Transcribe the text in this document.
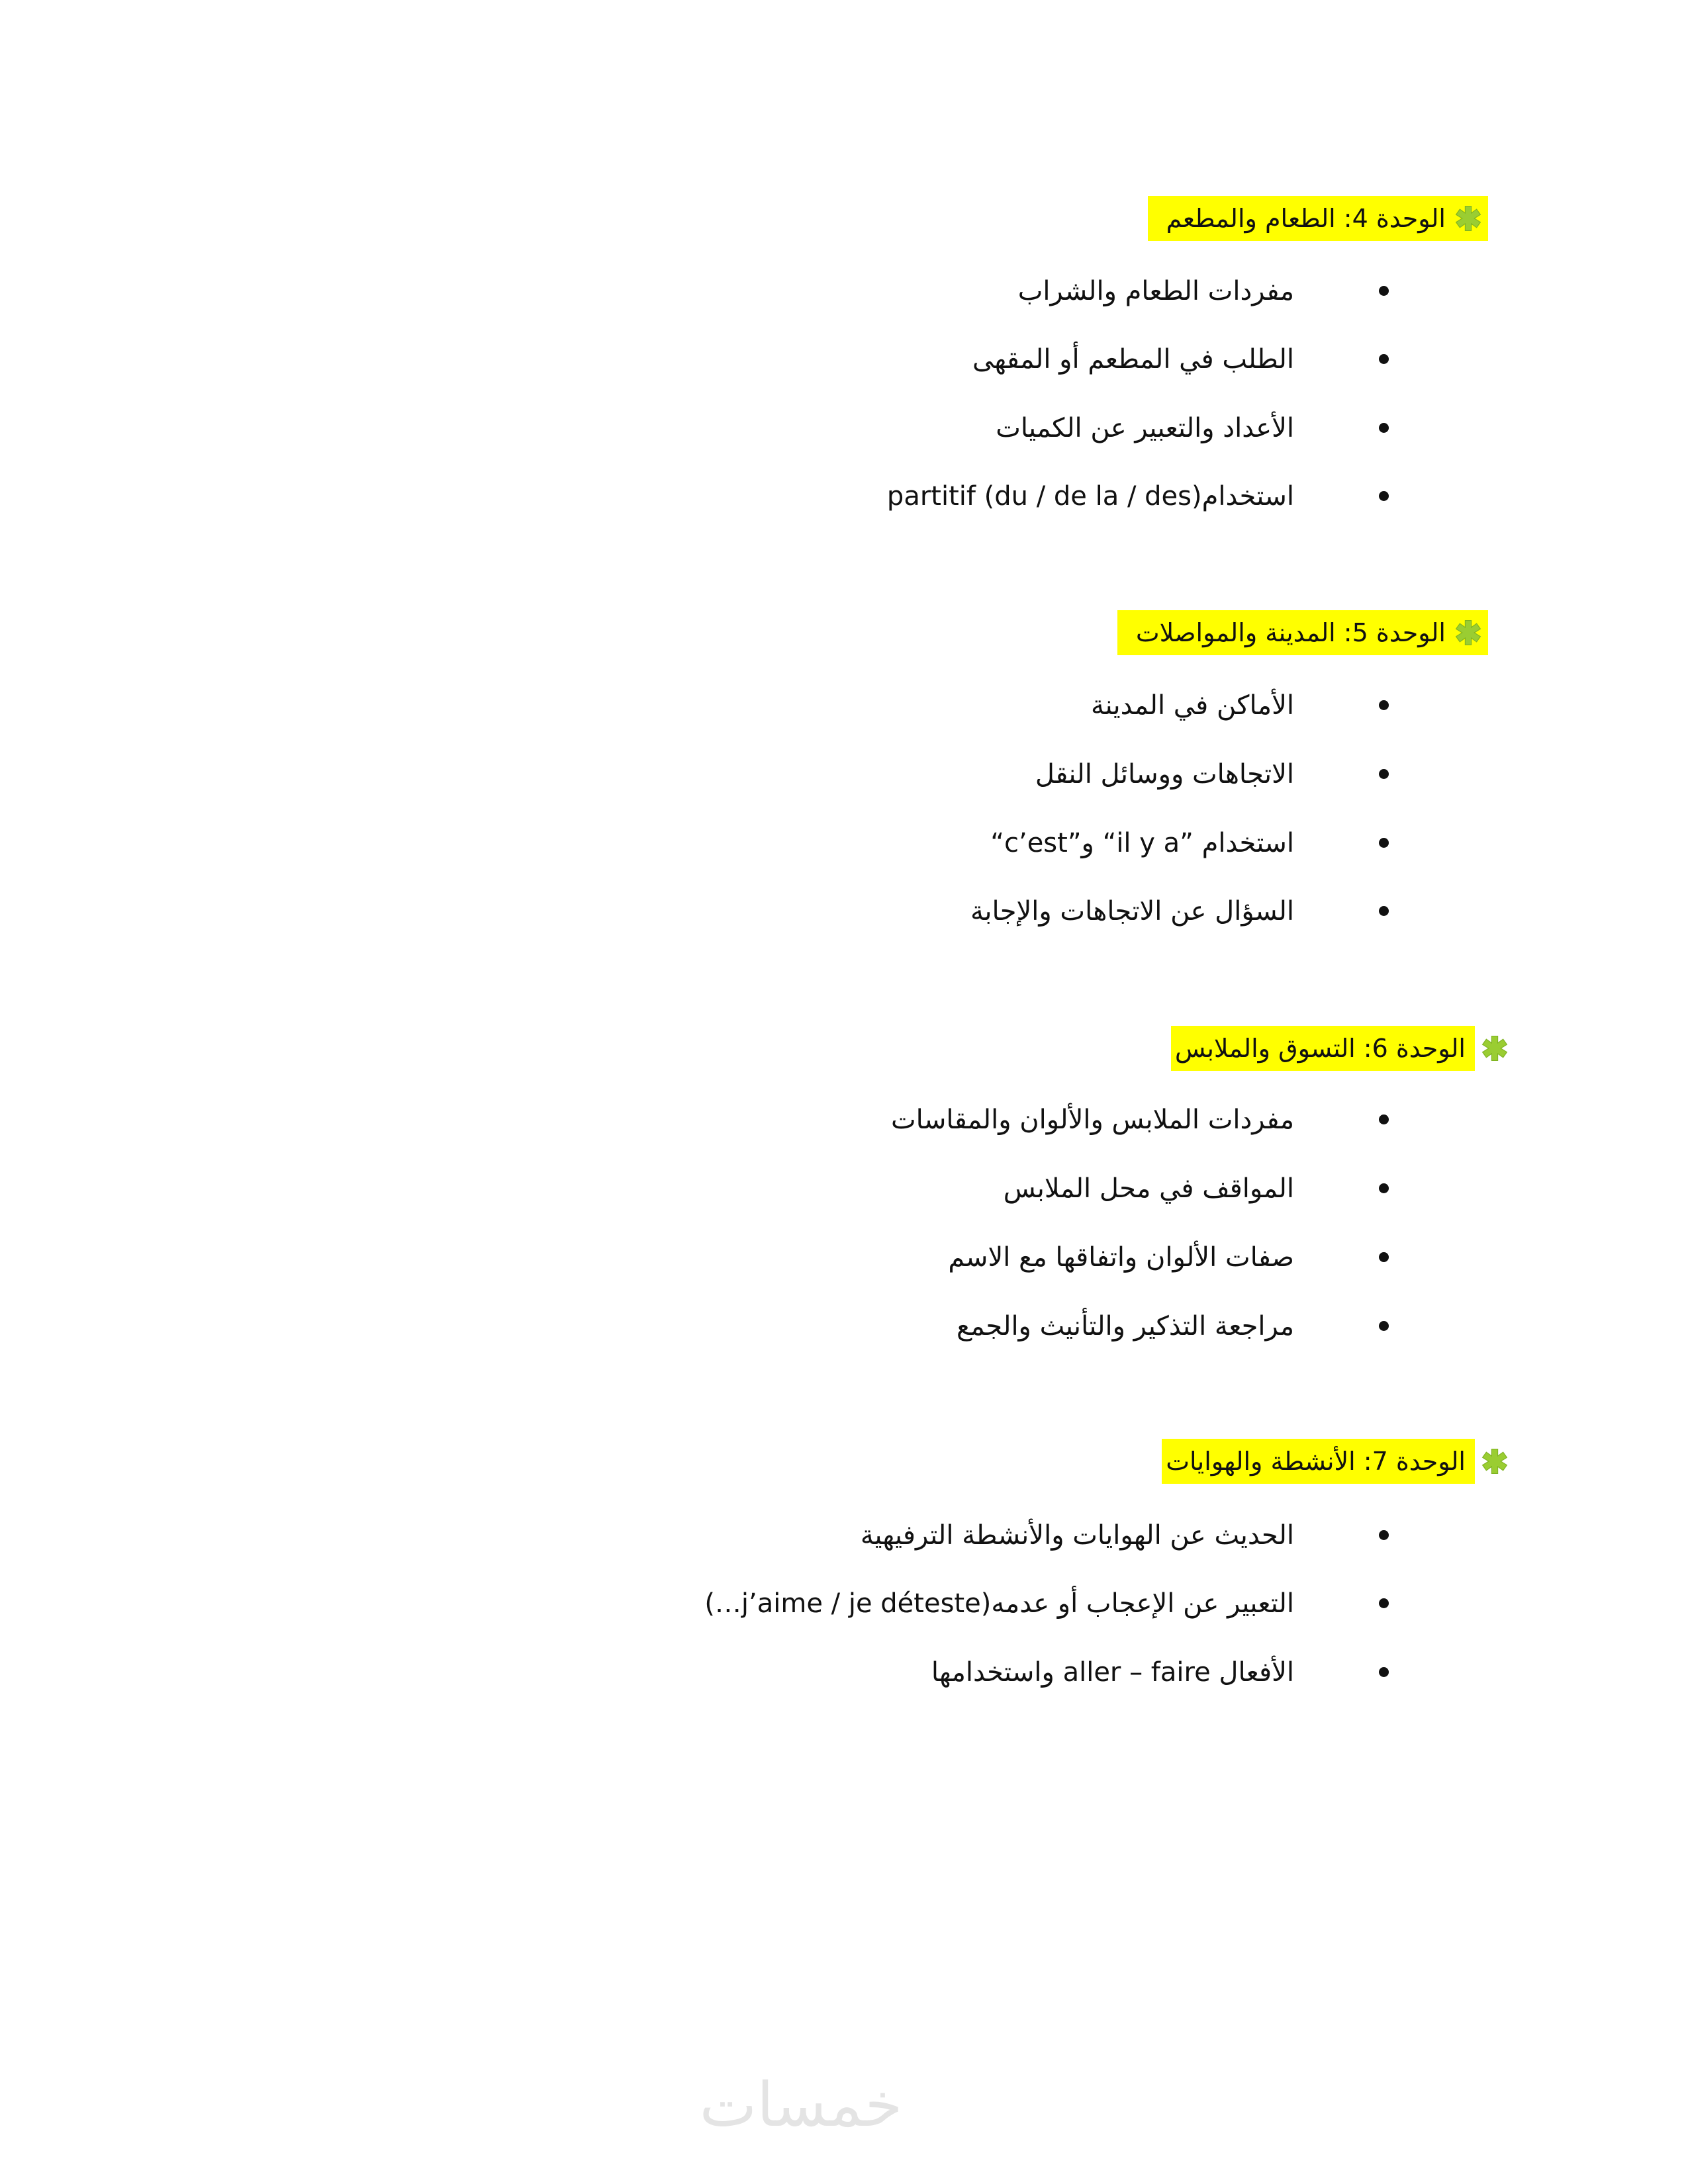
الوحدة 4: الطعام والمطعم
مفردات الطعام والشراب
الطلب في المطعم أو المقهى
الأعداد والتعبير عن الكميات
استخدام(partitif (du / de la / des
الوحدة 5: المدينة والمواصلات
الأماكن في المدينة
الاتجاهات ووسائل النقل
استخدام ”il y a“ و”c’est“
السؤال عن الاتجاهات والإجابة
الوحدة 6: التسوق والملابس
مفردات الملابس والألوان والمقاسات
المواقف في محل الملابس
صفات الألوان واتفاقها مع الاسم
مراجعة التذكير والتأنيث والجمع
الوحدة 7: الأنشطة والهوايات
الحديث عن الهوايات والأنشطة الترفيهية
التعبير عن الإعجاب أو عدمه(j’aime / je déteste…)
الأفعال aller – faire واستخدامها
خمسات
